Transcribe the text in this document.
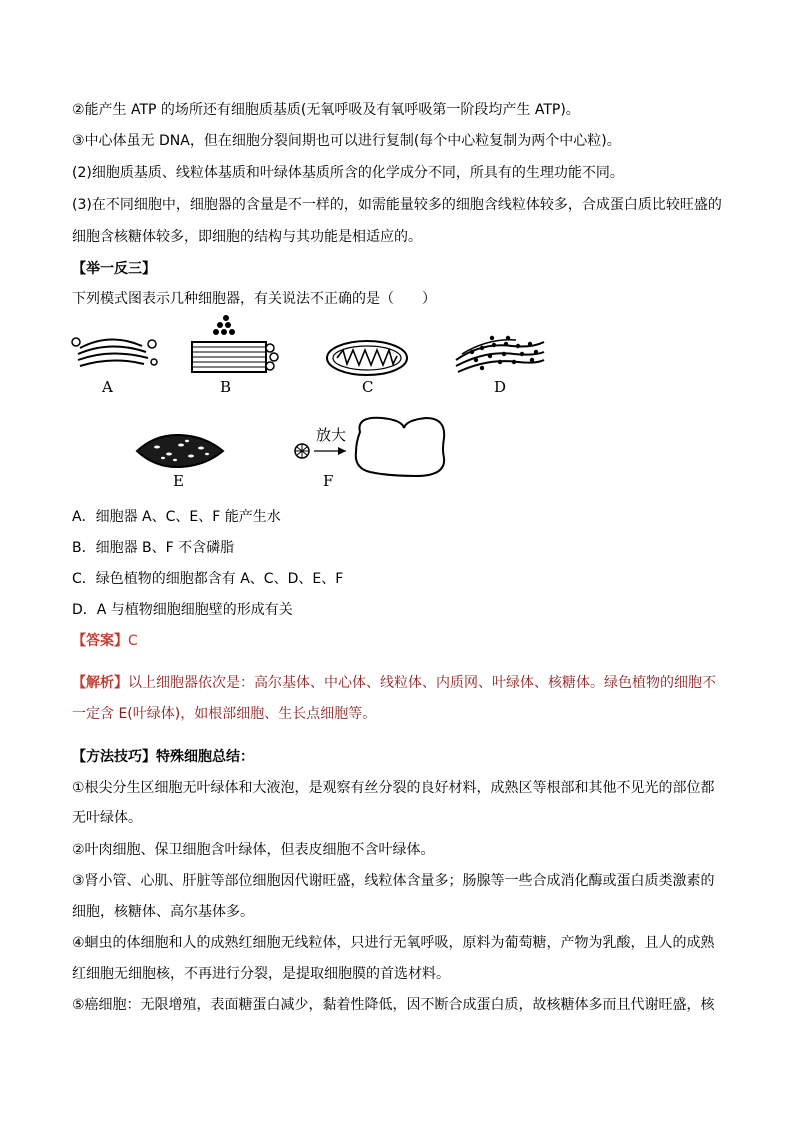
②能产生 ATP 的场所还有细胞质基质(无氧呼吸及有氧呼吸第一阶段均产生 ATP)。
③中心体虽无 DNA，但在细胞分裂间期也可以进行复制(每个中心粒复制为两个中心粒)。
(2)细胞质基质、线粒体基质和叶绿体基质所含的化学成分不同，所具有的生理功能不同。
(3)在不同细胞中，细胞器的含量是不一样的，如需能量较多的细胞含线粒体较多，合成蛋白质比较旺盛的
细胞含核糖体较多，即细胞的结构与其功能是相适应的。
【举一反三】
下列模式图表示几种细胞器，有关说法不正确的是（　　）
A	B	C	D
E
放大
F
A．细胞器 A、C、E、F 能产生水
B．细胞器 B、F 不含磷脂
C．绿色植物的细胞都含有 A、C、D、E、F
D．A 与植物细胞细胞壁的形成有关
【答案】C
【解析】以上细胞器依次是：高尔基体、中心体、线粒体、内质网、叶绿体、核糖体。绿色植物的细胞不
一定含 E(叶绿体)，如根部细胞、生长点细胞等。
【方法技巧】特殊细胞总结：
①根尖分生区细胞无叶绿体和大液泡，是观察有丝分裂的良好材料，成熟区等根部和其他不见光的部位都
无叶绿体。
②叶肉细胞、保卫细胞含叶绿体，但表皮细胞不含叶绿体。
③肾小管、心肌、肝脏等部位细胞因代谢旺盛，线粒体含量多；肠腺等一些合成消化酶或蛋白质类激素的
细胞，核糖体、高尔基体多。
④蛔虫的体细胞和人的成熟红细胞无线粒体，只进行无氧呼吸，原料为葡萄糖，产物为乳酸，且人的成熟
红细胞无细胞核，不再进行分裂，是提取细胞膜的首选材料。
⑤癌细胞：无限增殖，表面糖蛋白减少，黏着性降低，因不断合成蛋白质，故核糖体多而且代谢旺盛，核
